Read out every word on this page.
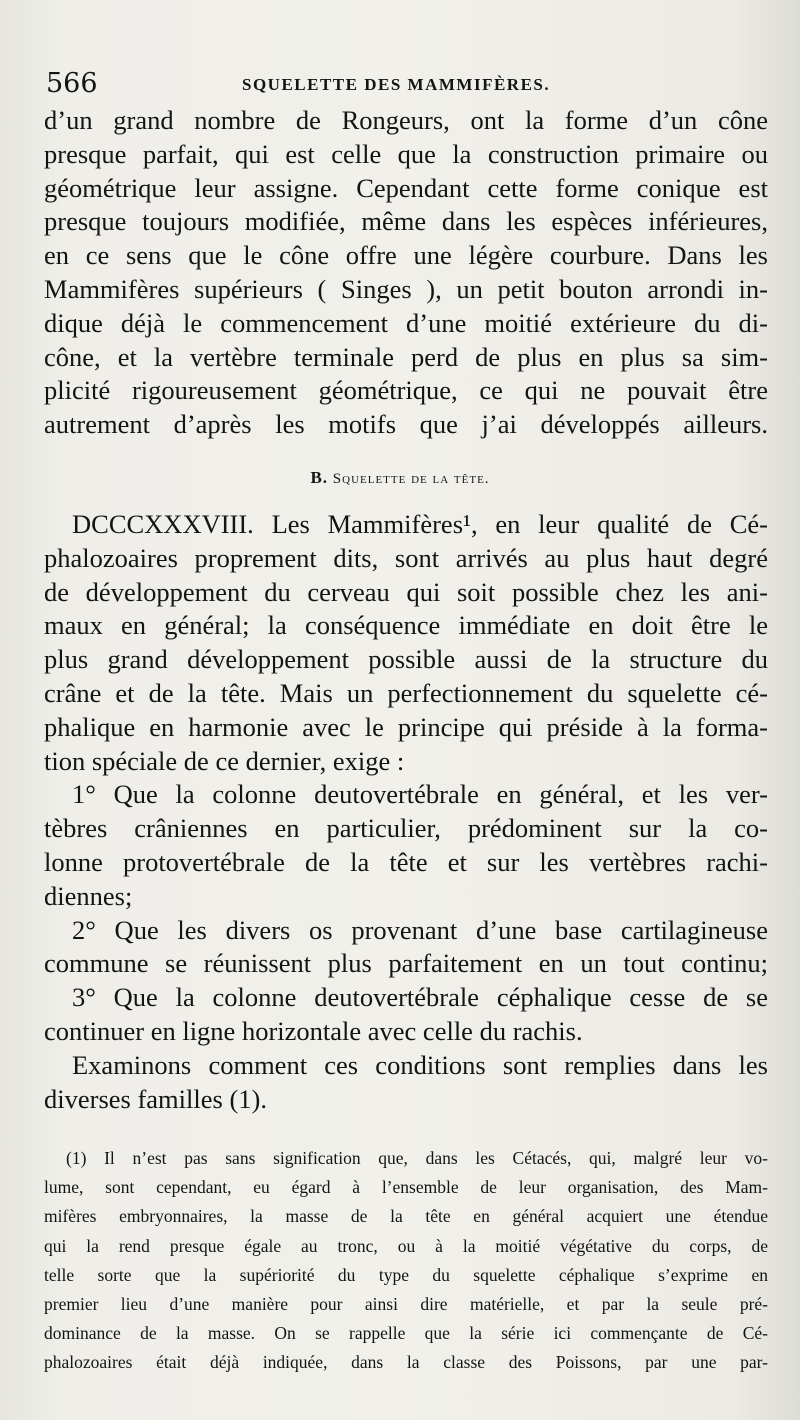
566	SQUELETTE DES MAMMIFÈRES.
d’un grand nombre de Rongeurs, ont la forme d’un cône
presque parfait, qui est celle que la construction primaire ou
géométrique leur assigne. Cependant cette forme conique est
presque toujours modifiée, même dans les espèces inférieures,
en ce sens que le cône offre une légère courbure. Dans les
Mammifères supérieurs ( Singes ), un petit bouton arrondi in-
dique déjà le commencement d’une moitié extérieure du di-
cône, et la vertèbre terminale perd de plus en plus sa sim-
plicité rigoureusement géométrique, ce qui ne pouvait être
autrement d’après les motifs que j’ai développés ailleurs.
B. Squelette de la tête.
DCCCXXXVIII. Les Mammifères¹, en leur qualité de Cé-
phalozoaires proprement dits, sont arrivés au plus haut degré
de développement du cerveau qui soit possible chez les ani-
maux en général; la conséquence immédiate en doit être le
plus grand développement possible aussi de la structure du
crâne et de la tête. Mais un perfectionnement du squelette cé-
phalique en harmonie avec le principe qui préside à la forma-
tion spéciale de ce dernier, exige :
1° Que la colonne deutovertébrale en général, et les ver-
tèbres crâniennes en particulier, prédominent sur la co-
lonne protovertébrale de la tête et sur les vertèbres rachi-
diennes;
2° Que les divers os provenant d’une base cartilagineuse
commune se réunissent plus parfaitement en un tout continu;
3° Que la colonne deutovertébrale céphalique cesse de se
continuer en ligne horizontale avec celle du rachis.
Examinons comment ces conditions sont remplies dans les
diverses familles (1).
(1) Il n’est pas sans signification que, dans les Cétacés, qui, malgré leur vo-
lume, sont cependant, eu égard à l’ensemble de leur organisation, des Mam-
mifères embryonnaires, la masse de la tête en général acquiert une étendue
qui la rend presque égale au tronc, ou à la moitié végétative du corps, de
telle sorte que la supériorité du type du squelette céphalique s’exprime en
premier lieu d’une manière pour ainsi dire matérielle, et par la seule pré-
dominance de la masse. On se rappelle que la série ici commençante de Cé-
phalozoaires était déjà indiquée, dans la classe des Poissons, par une par-
